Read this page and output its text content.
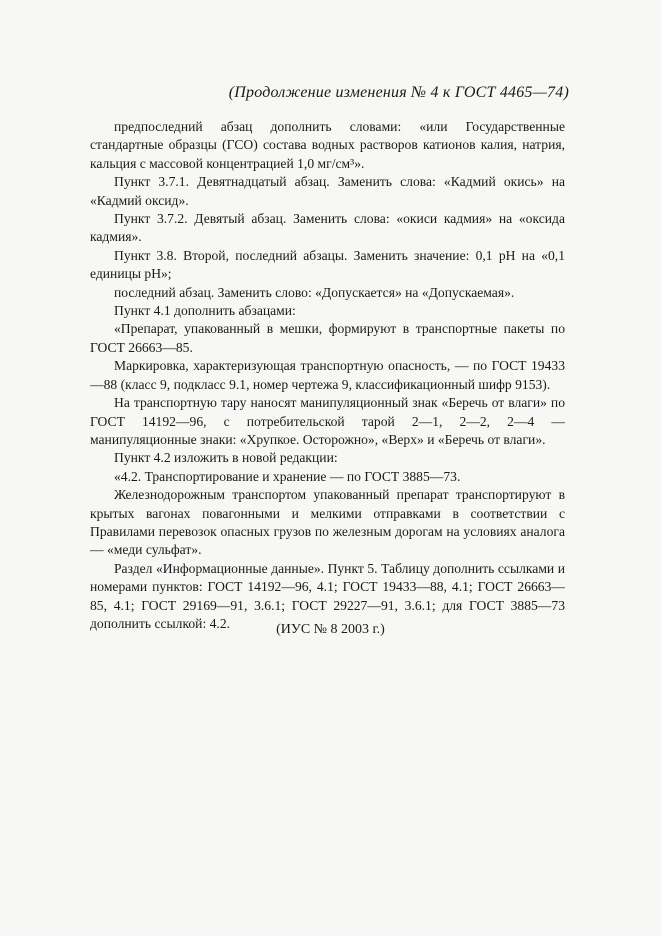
(Продолжение изменения № 4 к ГОСТ 4465—74)

предпоследний абзац дополнить словами: «или Государственные стандартные образцы (ГСО) состава водных растворов катионов калия, натрия, кальция с массовой концентрацией 1,0 мг/см³».

Пункт 3.7.1. Девятнадцатый абзац. Заменить слова: «Кадмий окись» на «Кадмий оксид».

Пункт 3.7.2. Девятый абзац. Заменить слова: «окиси кадмия» на «оксида кадмия».

Пункт 3.8. Второй, последний абзацы. Заменить значение: 0,1 pH на «0,1 единицы pH»;

последний абзац. Заменить слово: «Допускается» на «Допускаемая».

Пункт 4.1 дополнить абзацами:

«Препарат, упакованный в мешки, формируют в транспортные пакеты по ГОСТ 26663—85.

Маркировка, характеризующая транспортную опасность, — по ГОСТ 19433—88 (класс 9, подкласс 9.1, номер чертежа 9, классификационный шифр 9153).

На транспортную тару наносят манипуляционный знак «Беречь от влаги» по ГОСТ 14192—96, с потребительской тарой 2—1, 2—2, 2—4 — манипуляционные знаки: «Хрупкое. Осторожно», «Верх» и «Беречь от влаги».

Пункт 4.2 изложить в новой редакции:

«4.2. Транспортирование и хранение — по ГОСТ 3885—73.

Железнодорожным транспортом упакованный препарат транспортируют в крытых вагонах повагонными и мелкими отправками в соответствии с Правилами перевозок опасных грузов по железным дорогам на условиях аналога — «меди сульфат».

Раздел «Информационные данные». Пункт 5. Таблицу дополнить ссылками и номерами пунктов: ГОСТ 14192—96, 4.1; ГОСТ 19433—88, 4.1; ГОСТ 26663—85, 4.1; ГОСТ 29169—91, 3.6.1; ГОСТ 29227—91, 3.6.1; для ГОСТ 3885—73 дополнить ссылкой: 4.2.	(ИУС № 8 2003 г.)
